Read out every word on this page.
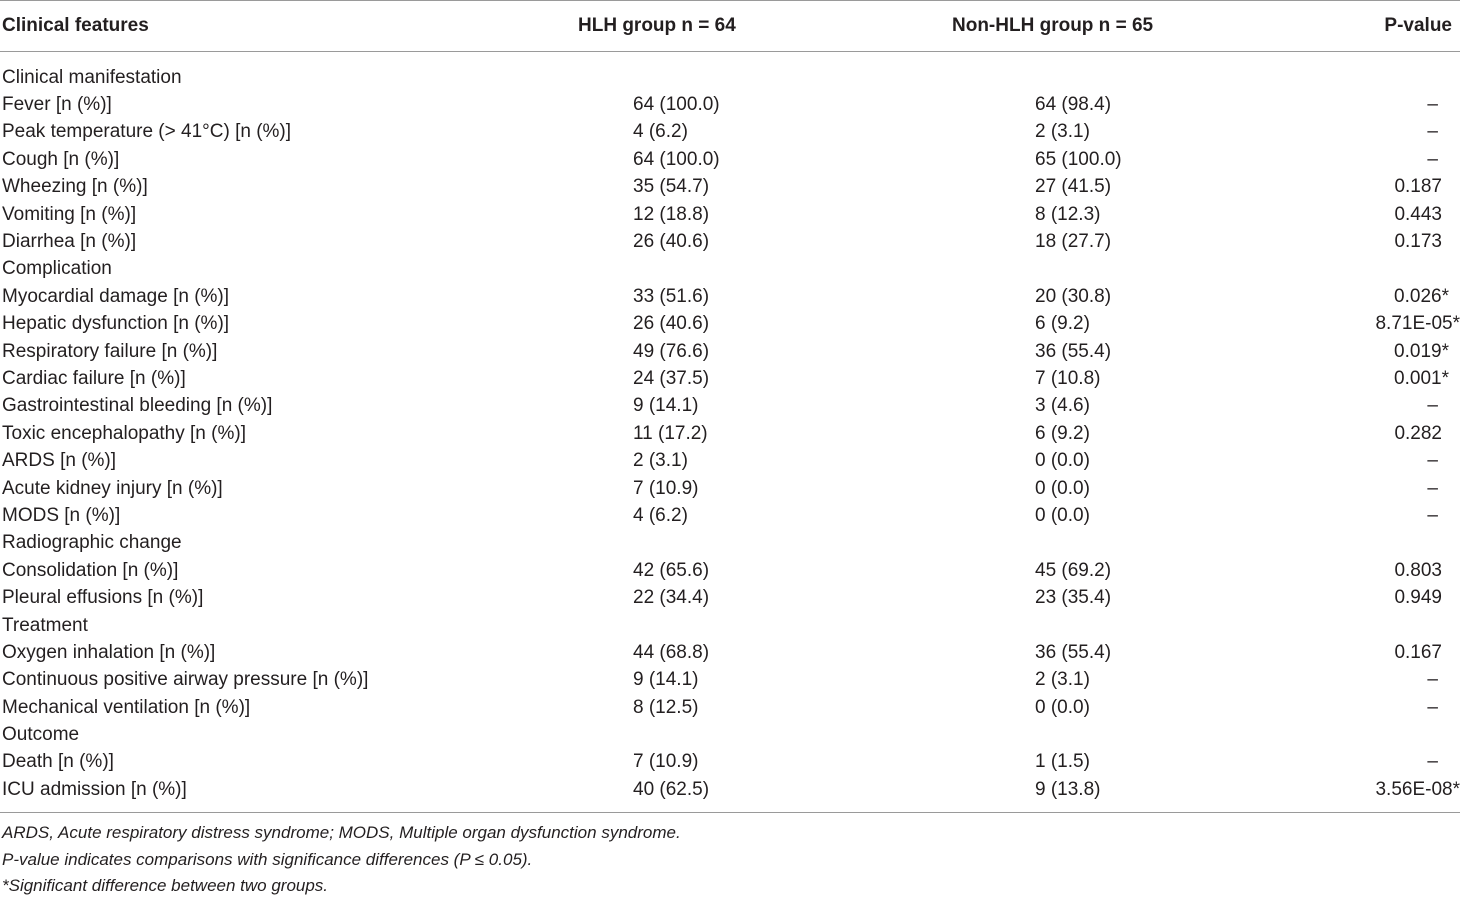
Clinical features	HLH group n = 64	Non-HLH group n = 65	P-value
Clinical manifestation			
Fever [n (%)]	64 (100.0)	64 (98.4)	–
Peak temperature (> 41°C) [n (%)]	4 (6.2)	2 (3.1)	–
Cough [n (%)]	64 (100.0)	65 (100.0)	–
Wheezing [n (%)]	35 (54.7)	27 (41.5)	0.187
Vomiting [n (%)]	12 (18.8)	8 (12.3)	0.443
Diarrhea [n (%)]	26 (40.6)	18 (27.7)	0.173
Complication			
Myocardial damage [n (%)]	33 (51.6)	20 (30.8)	0.026*
Hepatic dysfunction [n (%)]	26 (40.6)	6 (9.2)	8.71E-05*
Respiratory failure [n (%)]	49 (76.6)	36 (55.4)	0.019*
Cardiac failure [n (%)]	24 (37.5)	7 (10.8)	0.001*
Gastrointestinal bleeding [n (%)]	9 (14.1)	3 (4.6)	–
Toxic encephalopathy [n (%)]	11 (17.2)	6 (9.2)	0.282
ARDS [n (%)]	2 (3.1)	0 (0.0)	–
Acute kidney injury [n (%)]	7 (10.9)	0 (0.0)	–
MODS [n (%)]	4 (6.2)	0 (0.0)	–
Radiographic change			
Consolidation [n (%)]	42 (65.6)	45 (69.2)	0.803
Pleural effusions [n (%)]	22 (34.4)	23 (35.4)	0.949
Treatment			
Oxygen inhalation [n (%)]	44 (68.8)	36 (55.4)	0.167
Continuous positive airway pressure [n (%)]	9 (14.1)	2 (3.1)	–
Mechanical ventilation [n (%)]	8 (12.5)	0 (0.0)	–
Outcome			
Death [n (%)]	7 (10.9)	1 (1.5)	–
ICU admission [n (%)]	40 (62.5)	9 (13.8)	3.56E-08*
ARDS, Acute respiratory distress syndrome; MODS, Multiple organ dysfunction syndrome.
P-value indicates comparisons with significance differences (P ≤ 0.05).
*Significant difference between two groups.
